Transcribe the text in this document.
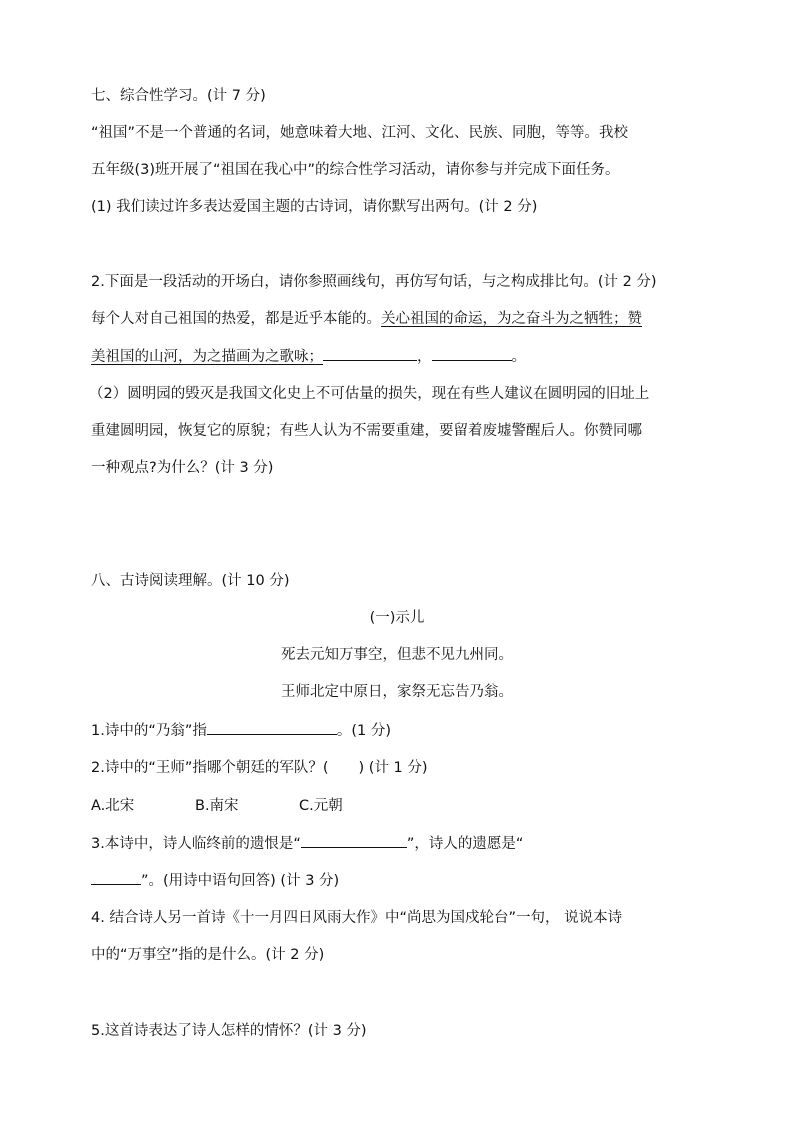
七、综合性学习。(计 7 分)
“祖国”不是一个普通的名词，她意味着大地、江河、文化、民族、同胞，等等。我校
五年级(3)班开展了“祖国在我心中”的综合性学习活动，请你参与并完成下面任务。
(1) 我们读过许多表达爱国主题的古诗词，请你默写出两句。(计 2 分)
2.下面是一段活动的开场白，请你参照画线句，再仿写句话，与之构成排比句。(计 2 分)
每个人对自己祖国的热爱，都是近乎本能的。关心祖国的命运，为之奋斗为之牺牲；赞
美祖国的山河，为之描画为之歌咏；	，	。
（2）圆明园的毁灭是我国文化史上不可估量的损失，现在有些人建议在圆明园的旧址上
重建圆明园，恢复它的原貌；有些人认为不需要重建，要留着废墟警醒后人。你赞同哪
一种观点?为什么？(计 3 分)
八、古诗阅读理解。(计 10 分)
(一)示儿
死去元知万事空，但悲不见九州同。
王师北定中原日，家祭无忘告乃翁。
1.诗中的“乃翁”指	。(1 分)
2.诗中的“王师”指哪个朝廷的军队？( ) (计 1 分)
A.北宋	B.南宋	C.元朝
3.本诗中，诗人临终前的遗恨是“	”，诗人的遗愿是“
”。(用诗中语句回答) (计 3 分)
4. 结合诗人另一首诗《十一月四日风雨大作》中“尚思为国戍轮台”一句， 说说本诗
中的“万事空”指的是什么。(计 2 分)
5.这首诗表达了诗人怎样的情怀？(计 3 分)
